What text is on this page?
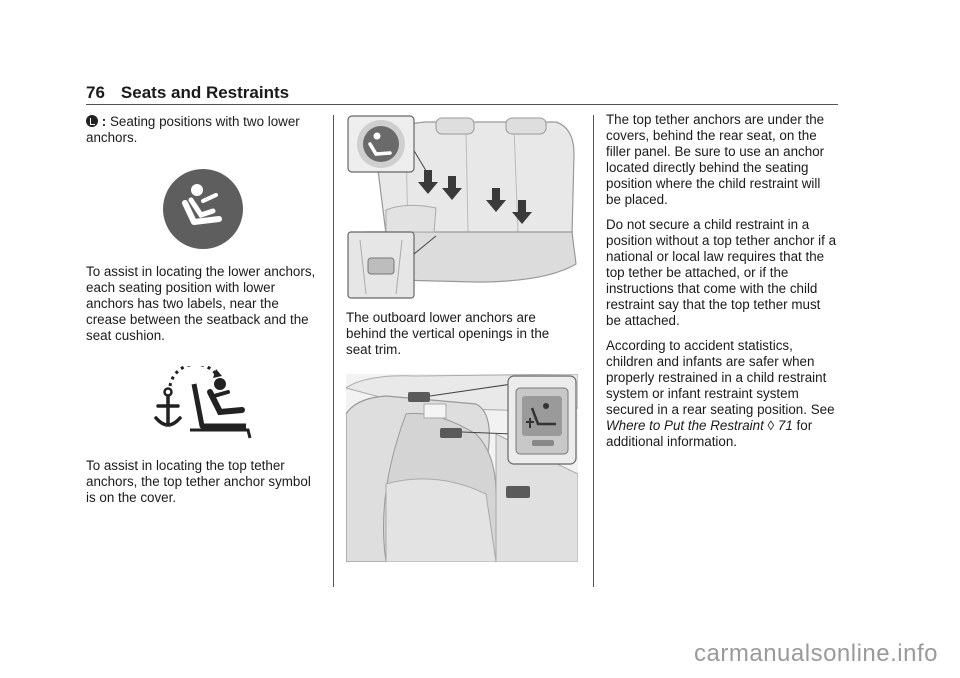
76 Seats and Restraints

: Seating positions with two lower anchors.

To assist in locating the lower anchors, each seating position with lower anchors has two labels, near the crease between the seatback and the seat cushion.

To assist in locating the top tether anchors, the top tether anchor symbol is on the cover.

The outboard lower anchors are behind the vertical openings in the seat trim.

The top tether anchors are under the covers, behind the rear seat, on the filler panel. Be sure to use an anchor located directly behind the seating position where the child restraint will be placed.

Do not secure a child restraint in a position without a top tether anchor if a national or local law requires that the top tether be attached, or if the instructions that come with the child restraint say that the top tether must be attached.

According to accident statistics, children and infants are safer when properly restrained in a child restraint system or infant restraint system secured in a rear seating position. See Where to Put the Restraint ◊ 71 for additional information.

carmanualsonline.info
